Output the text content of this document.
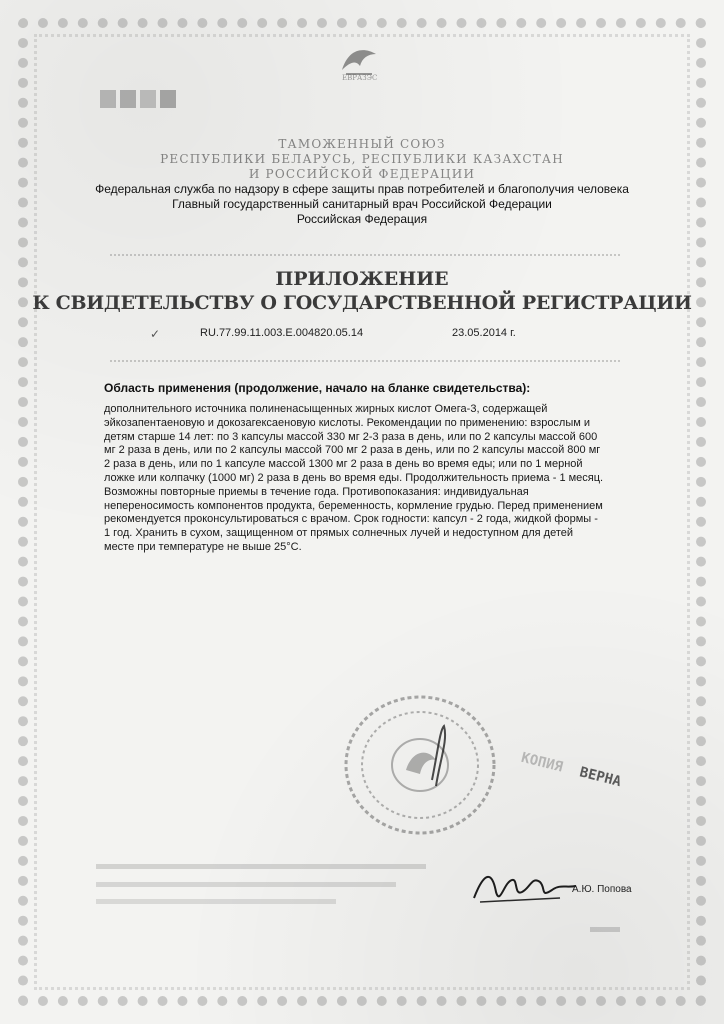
ЕВРАЗЭС
ТАМОЖЕННЫЙ СОЮЗ
РЕСПУБЛИКИ БЕЛАРУСЬ, РЕСПУБЛИКИ КАЗАХСТАН
И РОССИЙСКОЙ ФЕДЕРАЦИИ
Федеральная служба по надзору в сфере защиты прав потребителей и благополучия человека
Главный государственный санитарный врач Российской Федерации
Российская Федерация
ПРИЛОЖЕНИЕ
К СВИДЕТЕЛЬСТВУ О ГОСУДАРСТВЕННОЙ РЕГИСТРАЦИИ
✓	RU.77.99.11.003.Е.004820.05.14	23.05.2014 г.
Область применения (продолжение, начало на бланке свидетельства):
дополнительного источника полиненасыщенных жирных кислот Омега-3, содержащей
эйкозапентаеновую и докозагексаеновую кислоты. Рекомендации по применению: взрослым и
детям старше 14 лет: по 3 капсулы массой 330 мг 2-3 раза в день, или по 2 капсулы массой 600
мг 2 раза в день, или по 2 капсулы массой 700 мг 2 раза в день, или по 2 капсулы массой 800 мг
2 раза в день, или по 1 капсуле массой 1300 мг 2 раза в день во время еды; или по 1 мерной
ложке или колпачку (1000 мг) 2 раза в день во время еды. Продолжительность приема - 1 месяц.
Возможны повторные приемы в течение года. Противопоказания: индивидуальная
непереносимость компонентов продукта, беременность, кормление грудью. Перед применением
рекомендуется проконсультироваться с врачом. Срок годности: капсул - 2 года, жидкой формы -
1 год. Хранить в сухом, защищенном от прямых солнечных лучей и недоступном для детей
месте при температуре не выше 25°С.
КОПИЯВЕРНА
А.Ю. Попова
